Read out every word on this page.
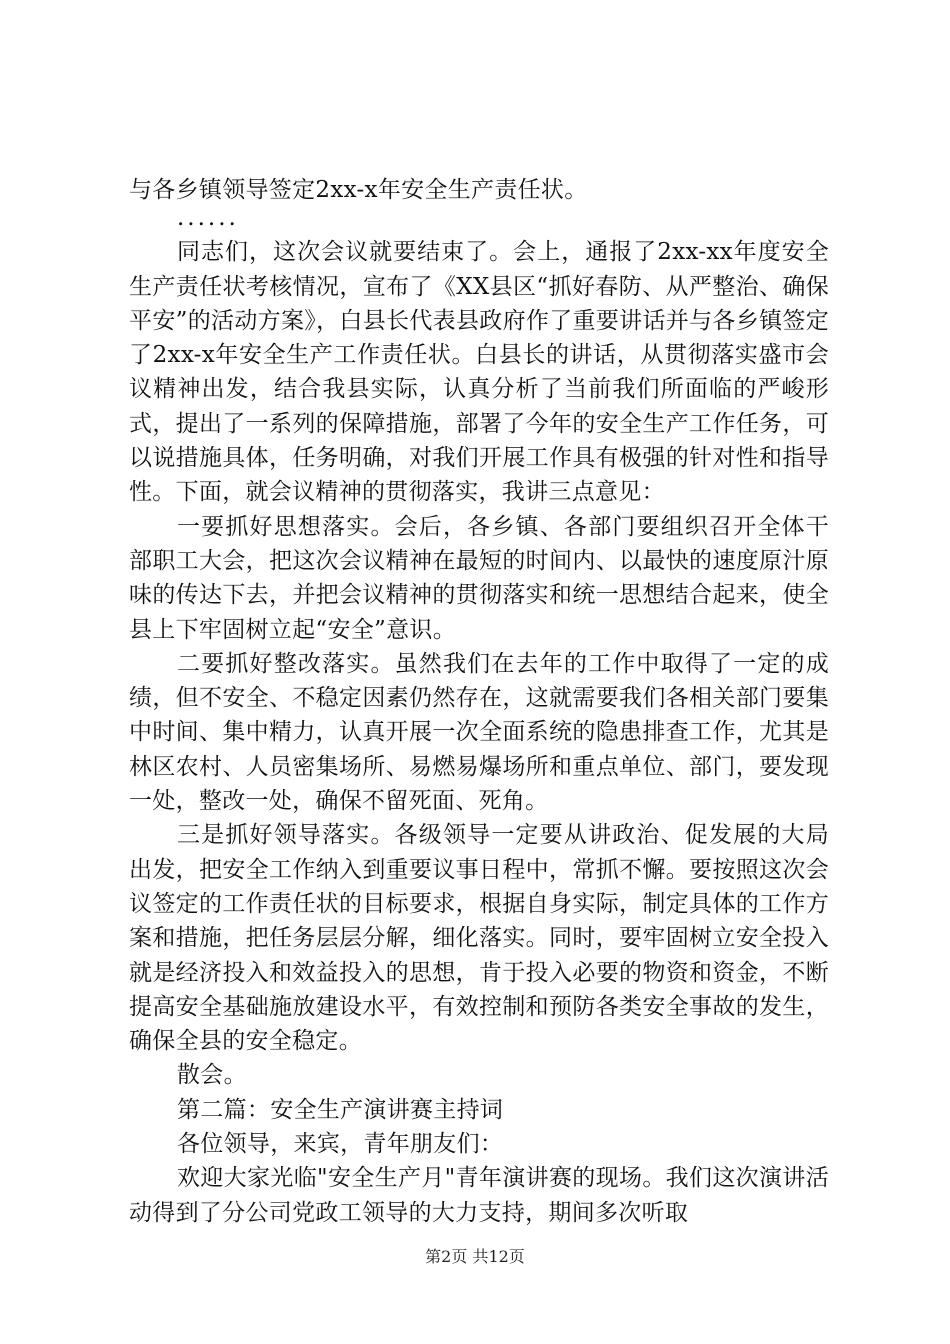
与各乡镇领导签定2xx-x年安全生产责任状。

......

同志们，这次会议就要结束了。会上，通报了2xx-xx年度安全生产责任状考核情况，宣布了《XX县区“抓好春防、从严整治、确保平安”的活动方案》，白县长代表县政府作了重要讲话并与各乡镇签定了2xx-x年安全生产工作责任状。白县长的讲话，从贯彻落实盛市会议精神出发，结合我县实际，认真分析了当前我们所面临的严峻形式，提出了一系列的保障措施，部署了今年的安全生产工作任务，可以说措施具体，任务明确，对我们开展工作具有极强的针对性和指导性。下面，就会议精神的贯彻落实，我讲三点意见：

一要抓好思想落实。会后，各乡镇、各部门要组织召开全体干部职工大会，把这次会议精神在最短的时间内、以最快的速度原汁原味的传达下去，并把会议精神的贯彻落实和统一思想结合起来，使全县上下牢固树立起“安全”意识。

二要抓好整改落实。虽然我们在去年的工作中取得了一定的成绩，但不安全、不稳定因素仍然存在，这就需要我们各相关部门要集中时间、集中精力，认真开展一次全面系统的隐患排查工作，尤其是林区农村、人员密集场所、易燃易爆场所和重点单位、部门，要发现一处，整改一处，确保不留死面、死角。

三是抓好领导落实。各级领导一定要从讲政治、促发展的大局出发，把安全工作纳入到重要议事日程中，常抓不懈。要按照这次会议签定的工作责任状的目标要求，根据自身实际，制定具体的工作方案和措施，把任务层层分解，细化落实。同时，要牢固树立安全投入就是经济投入和效益投入的思想，肯于投入必要的物资和资金，不断提高安全基础施放建设水平，有效控制和预防各类安全事故的发生，确保全县的安全稳定。

散会。

第二篇：安全生产演讲赛主持词

各位领导，来宾，青年朋友们：

欢迎大家光临"安全生产月"青年演讲赛的现场。我们这次演讲活动得到了分公司党政工领导的大力支持，期间多次听取

第2页 共12页
